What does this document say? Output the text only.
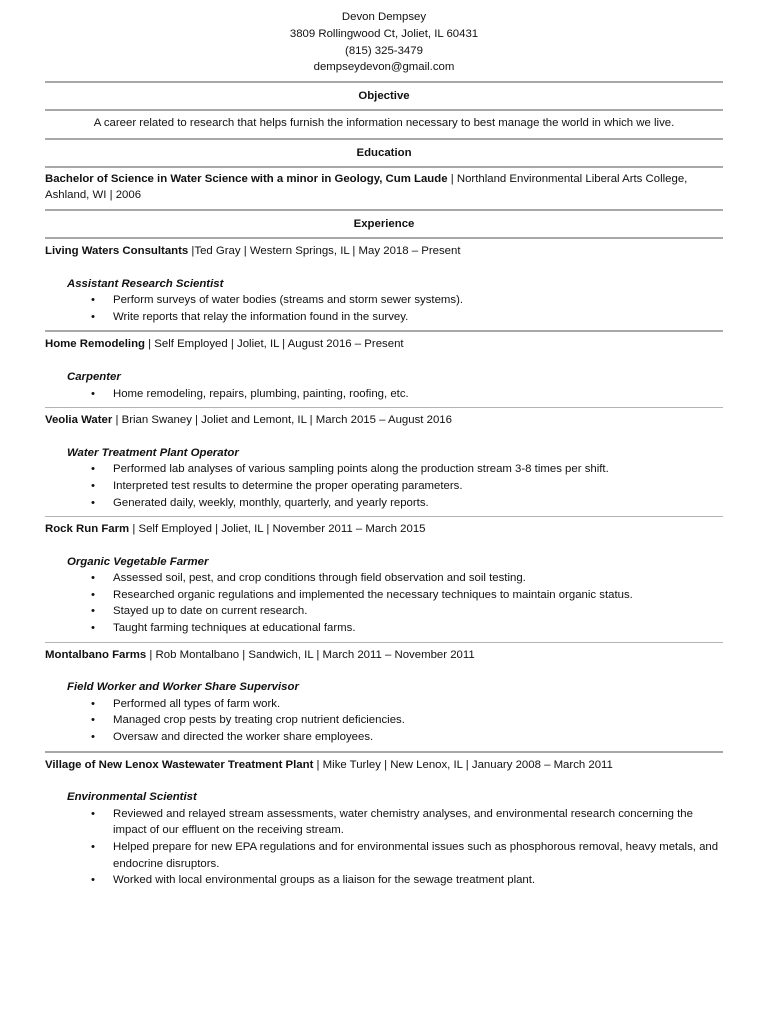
Devon Dempsey
3809 Rollingwood Ct, Joliet, IL 60431
(815) 325-3479
dempseydevon@gmail.com
Objective
A career related to research that helps furnish the information necessary to best manage the world in which we live.
Education
Bachelor of Science in Water Science with a minor in Geology, Cum Laude | Northland Environmental Liberal Arts College, Ashland, WI | 2006
Experience
Living Waters Consultants |Ted Gray | Western Springs, IL | May 2018 – Present
Assistant Research Scientist
• Perform surveys of water bodies (streams and storm sewer systems).
• Write reports that relay the information found in the survey.
Home Remodeling | Self Employed | Joliet, IL | August 2016 – Present
Carpenter
• Home remodeling, repairs, plumbing, painting, roofing, etc.
Veolia Water | Brian Swaney | Joliet and Lemont, IL | March 2015 – August 2016
Water Treatment Plant Operator
• Performed lab analyses of various sampling points along the production stream 3-8 times per shift.
• Interpreted test results to determine the proper operating parameters.
• Generated daily, weekly, monthly, quarterly, and yearly reports.
Rock Run Farm | Self Employed | Joliet, IL | November 2011 – March 2015
Organic Vegetable Farmer
• Assessed soil, pest, and crop conditions through field observation and soil testing.
• Researched organic regulations and implemented the necessary techniques to maintain organic status.
• Stayed up to date on current research.
• Taught farming techniques at educational farms.
Montalbano Farms | Rob Montalbano | Sandwich, IL | March 2011 – November 2011
Field Worker and Worker Share Supervisor
• Performed all types of farm work.
• Managed crop pests by treating crop nutrient deficiencies.
• Oversaw and directed the worker share employees.
Village of New Lenox Wastewater Treatment Plant | Mike Turley | New Lenox, IL | January 2008 – March 2011
Environmental Scientist
• Reviewed and relayed stream assessments, water chemistry analyses, and environmental research concerning the impact of our effluent on the receiving stream.
• Helped prepare for new EPA regulations and for environmental issues such as phosphorous removal, heavy metals, and endocrine disruptors.
• Worked with local environmental groups as a liaison for the sewage treatment plant.
